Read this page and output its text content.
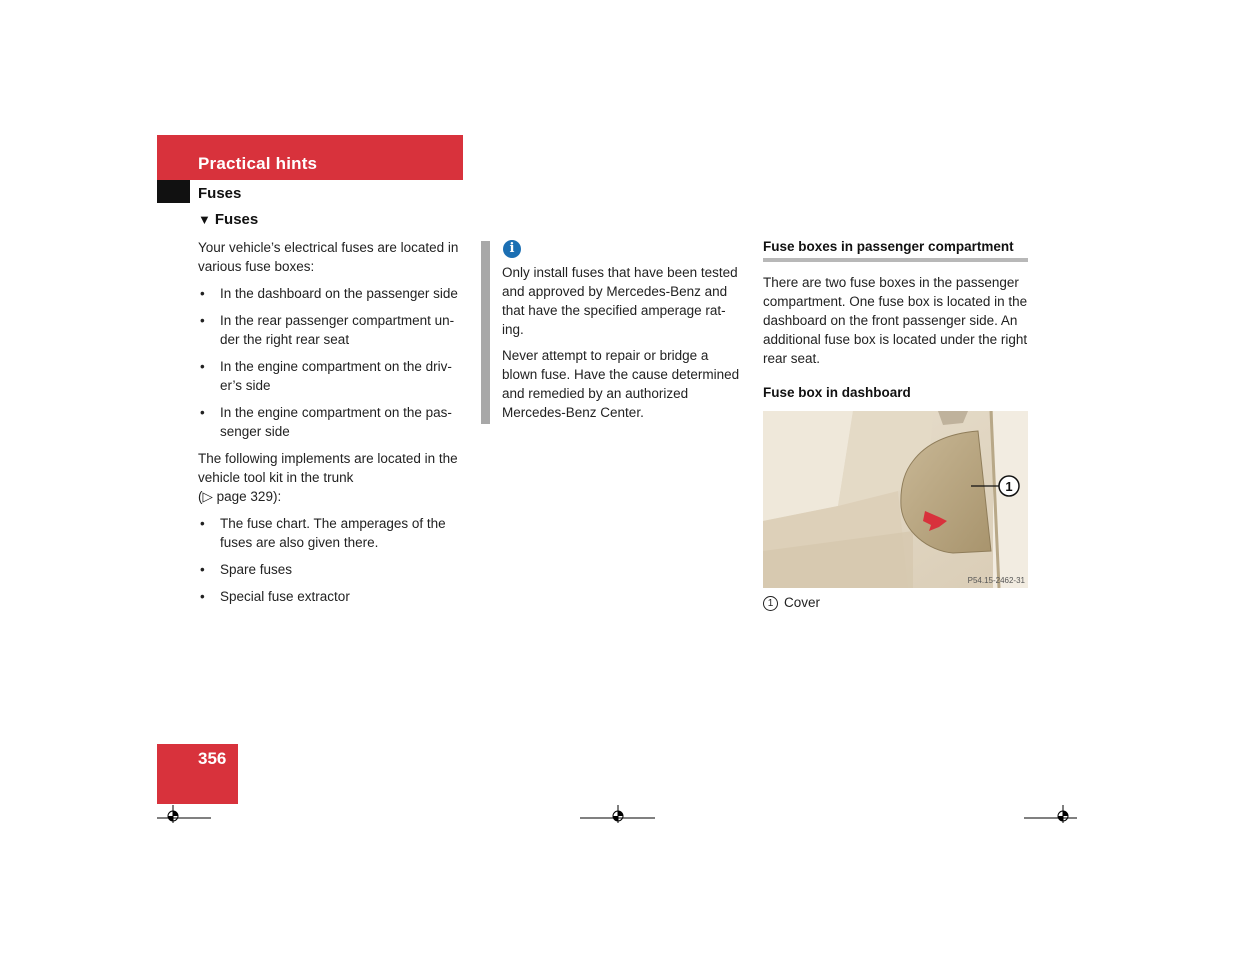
Practical hints
Fuses
▼ Fuses

Your vehicle’s electrical fuses are located in various fuse boxes:

• In the dashboard on the passenger side
• In the rear passenger compartment un-der the right rear seat
• In the engine compartment on the driv-er’s side
• In the engine compartment on the pas-senger side

The following implements are located in the vehicle tool kit in the trunk
(▷ page 329):

• The fuse chart. The amperages of the fuses are also given there.
• Spare fuses
• Special fuse extractor
i

Only install fuses that have been tested and approved by Mercedes-Benz and that have the specified amperage rat-ing.

Never attempt to repair or bridge a blown fuse. Have the cause determined and remedied by an authorized Mercedes-Benz Center.

Fuse boxes in passenger compartment
There are two fuse boxes in the passenger compartment. One fuse box is located in the dashboard on the front passenger side. An additional fuse box is located under the right rear seat.
Fuse box in dashboard
1
P54.15-2462-31
1 Cover
356
